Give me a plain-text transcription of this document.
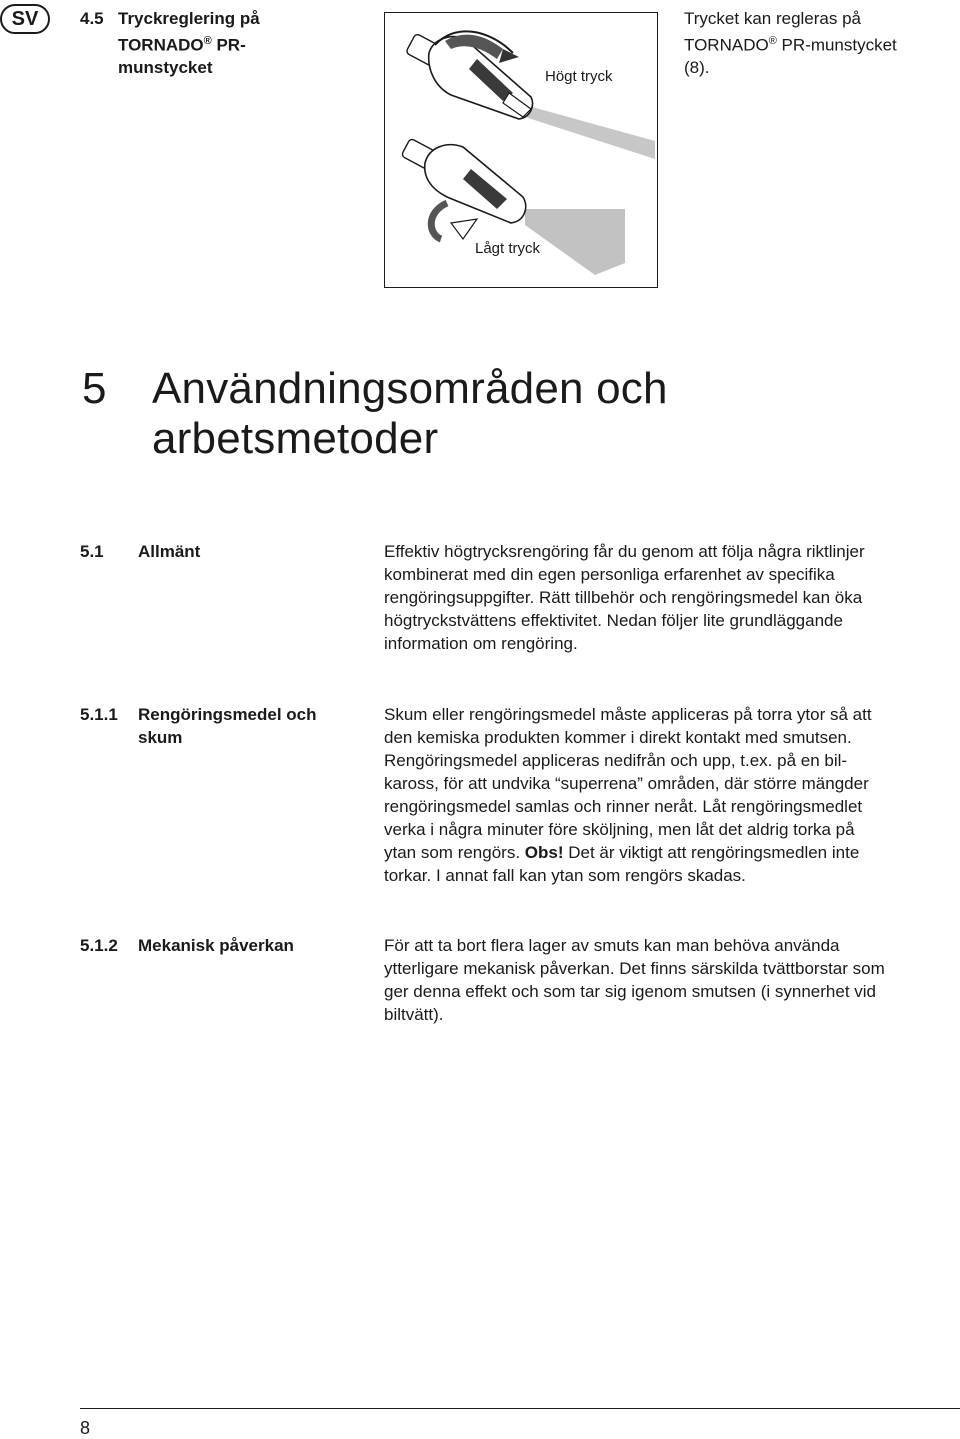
SV	4.5 Tryckreglering på
TORNADO® PR-
munstycket
Trycket kan regleras på
TORNADO® PR-munstycket
(8).
Högt tryck
Lågt tryck
5 Användningsområden och
arbetsmetoder
5.1 Allmänt	Effektiv högtrycksrengöring får du genom att följa några riktlinjer
kombinerat med din egen personliga erfarenhet av specifika
rengöringsuppgifter. Rätt tillbehör och rengöringsmedel kan öka
högtryckstvättens effektivitet. Nedan följer lite grundläggande
information om rengöring.
5.1.1 Rengöringsmedel och
skum
Skum eller rengöringsmedel måste appliceras på torra ytor så att
den kemiska produkten kommer i direkt kontakt med smutsen.
Rengöringsmedel appliceras nedifrån och upp, t.ex. på en bil-
kaross, för att undvika “superrena” områden, där större mängder
rengöringsmedel samlas och rinner neråt. Låt rengöringsmedlet
verka i några minuter före sköljning, men låt det aldrig torka på
ytan som rengörs. Obs! Det är viktigt att rengöringsmedlen inte
torkar. I annat fall kan ytan som rengörs skadas.
5.1.2 Mekanisk påverkan	För att ta bort flera lager av smuts kan man behöva använda
ytterligare mekanisk påverkan. Det finns särskilda tvättborstar som
ger denna effekt och som tar sig igenom smutsen (i synnerhet vid
biltvätt).
8
